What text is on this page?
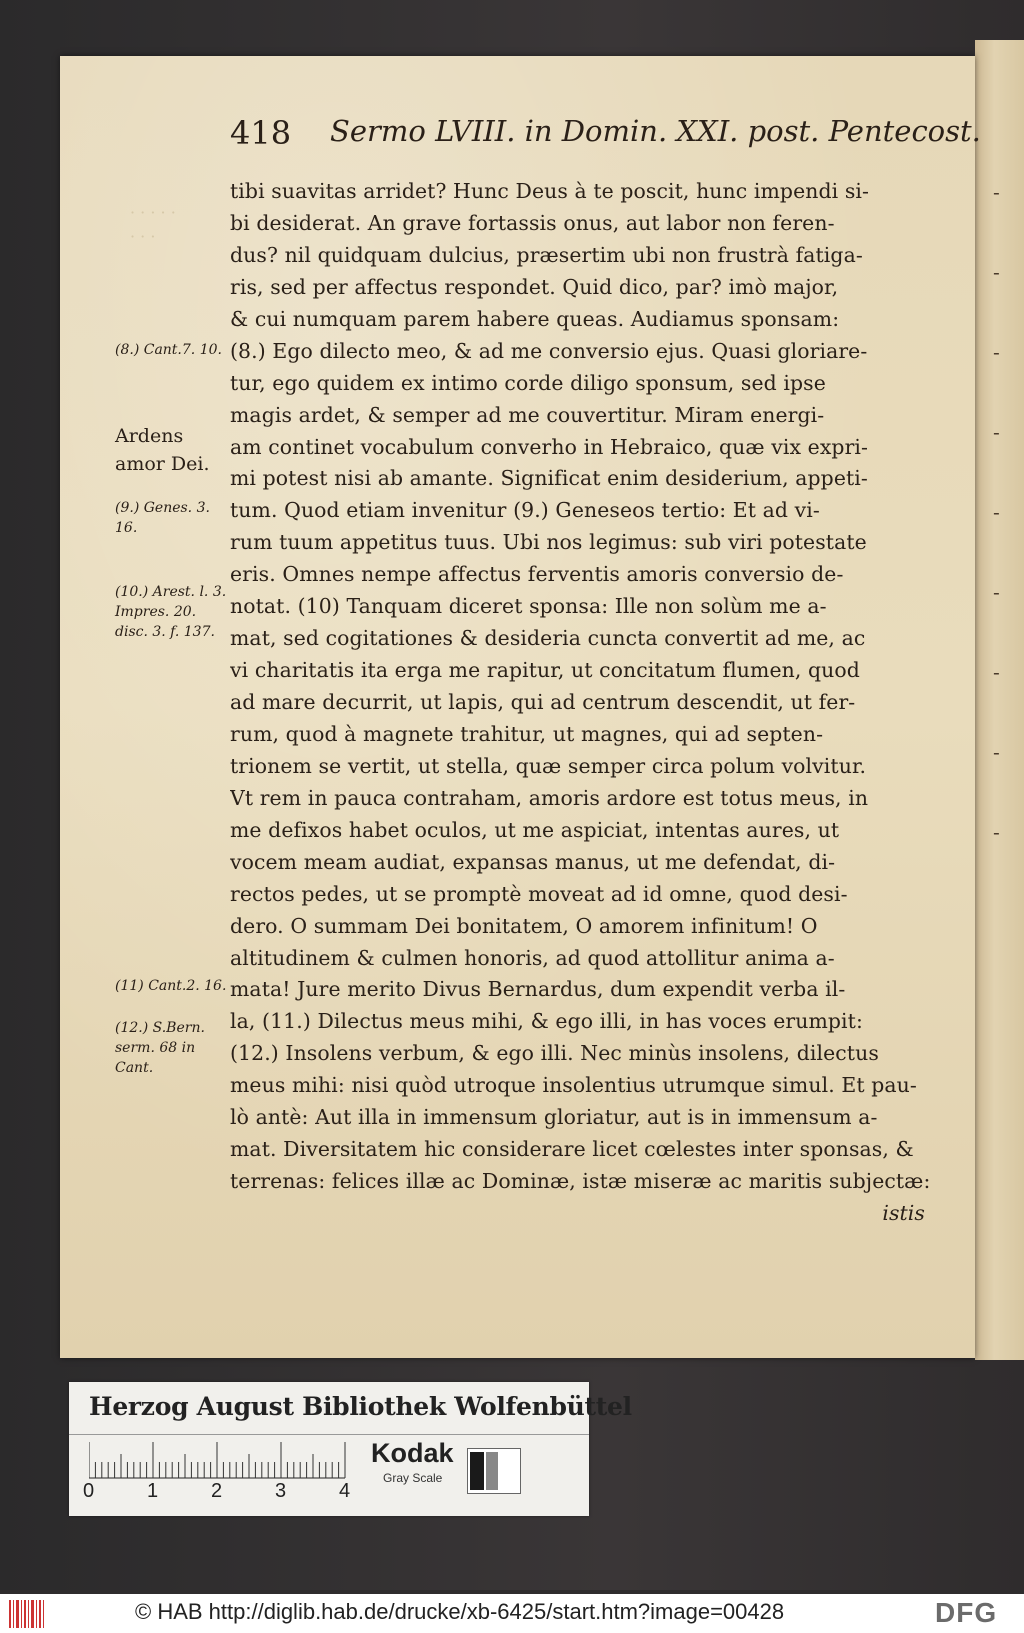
-
-
-
-
-
-
-
-
-
· · · · ·
· · ·
418 Sermo LVIII. in Domin. XXI. post. Pentecost.
(8.) Cant.7. 10.
Ardens amor Dei.
(9.) Genes. 3. 16.
(10.) Arest. l. 3. Impres. 20. disc. 3. f. 137.
(11) Cant.2. 16.
(12.) S.Bern. serm. 68 in Cant.
tibi suavitas arridet? Hunc Deus à te poscit, hunc impendi si-
bi desiderat. An grave fortassis onus, aut labor non feren-
dus? nil quidquam dulcius, præsertim ubi non frustrà fatiga-
ris, sed per affectus respondet. Quid dico, par? imò major,
& cui numquam parem habere queas. Audiamus sponsam:
(8.) Ego dilecto meo, & ad me conversio ejus. Quasi gloriare-
tur, ego quidem ex intimo corde diligo sponsum, sed ipse
magis ardet, & semper ad me couvertitur. Miram energi-
am continet vocabulum converho in Hebraico, quæ vix expri-
mi potest nisi ab amante. Significat enim desiderium, appeti-
tum. Quod etiam invenitur (9.) Geneseos tertio: Et ad vi-
rum tuum appetitus tuus. Ubi nos legimus: sub viri potestate
eris. Omnes nempe affectus ferventis amoris conversio de-
notat. (10) Tanquam diceret sponsa: Ille non solùm me a-
mat, sed cogitationes & desideria cuncta convertit ad me, ac
vi charitatis ita erga me rapitur, ut concitatum flumen, quod
ad mare decurrit, ut lapis, qui ad centrum descendit, ut fer-
rum, quod à magnete trahitur, ut magnes, qui ad septen-
trionem se vertit, ut stella, quæ semper circa polum volvitur.
Vt rem in pauca contraham, amoris ardore est totus meus, in
me defixos habet oculos, ut me aspiciat, intentas aures, ut
vocem meam audiat, expansas manus, ut me defendat, di-
rectos pedes, ut se promptè moveat ad id omne, quod desi-
dero. O summam Dei bonitatem, O amorem infinitum! O
altitudinem & culmen honoris, ad quod attollitur anima a-
mata! Jure merito Divus Bernardus, dum expendit verba il-
la, (11.) Dilectus meus mihi, & ego illi, in has voces erumpit:
(12.) Insolens verbum, & ego illi. Nec minùs insolens, dilectus
meus mihi: nisi quòd utroque insolentius utrumque simul. Et pau-
lò antè: Aut illa in immensum gloriatur, aut is in immensum a-
mat. Diversitatem hic considerare licet cœlestes inter sponsas, &
terrenas: felices illæ ac Dominæ, istæ miseræ ac maritis subjectæ:
istis
Herzog August Bibliothek Wolfenbüttel
0	1	2	3	4
Kodak
Gray Scale
© HAB http://diglib.hab.de/drucke/xb-6425/start.htm?image=00428	DFG
